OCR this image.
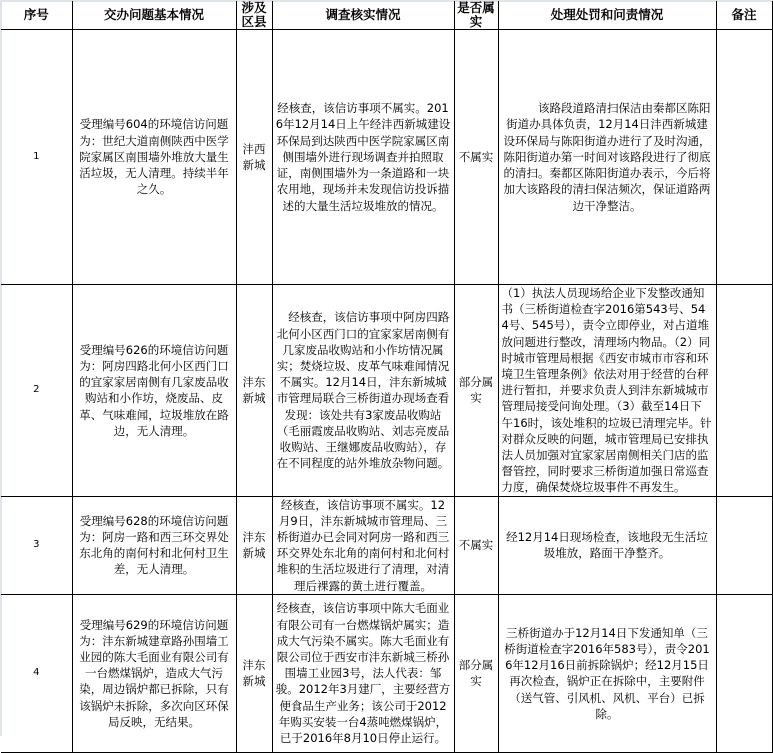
序号	交办问题基本情况	涉及区县	调查核实情况	是否属实	处理处罚和问责情况	备注
1	受理编号604的环境信访问题为：世纪大道南侧陕西中医学院家属区南围墙外堆放大量生活垃圾，无人清理。持续半年之久。	沣西新城	经核查，该信访事项不属实。2016年12月14日上午经沣西新城建设环保局到达陕西中医学院家属区南侧围墙外进行现场调查并拍照取证，南侧围墙外为一条道路和一块农用地，现场并未发现信访投诉描述的大量生活垃圾堆放的情况。	不属实	该路段道路清扫保洁由秦都区陈阳街道办具体负责，12月14日沣西新城建设环保局与陈阳街道办进行了及时沟通，陈阳街道办第一时间对该路段进行了彻底的清扫。秦都区陈阳街道办表示，今后将加大该路段的清扫保洁频次，保证道路两边干净整洁。	
2	受理编号626的环境信访问题为：阿房四路北何小区西门口的宜家家居南侧有几家废品收购站和小作坊，烧废品、皮革、气味难闻，垃圾堆放在路边，无人清理。	沣东新城	经核查，该信访事项中阿房四路北何小区西门口的宜家家居南侧有几家废品收购站和小作坊情况属实；焚烧垃圾、皮革气味难闻情况不属实。12月14日，沣东新城城市管理局联合三桥街道办现场查看发现：该处共有3家废品收购站（毛丽霞废品收购站、刘志亮废品收购站、王继娜废品收购站），存在不同程度的站外堆放杂物问题。	部分属实	（1）执法人员现场给企业下发整改通知书（三桥街道检查字2016第543号、544号、545号），责令立即停业，对占道堆放问题进行整改，清理场内物品。（2）同时城市管理局根据《西安市城市市容和环境卫生管理条例》依法对用于经营的台秤进行暂扣，并要求负责人到沣东新城城市管理局接受问询处理。（3）截至14日下午16时，该处堆积的垃圾已清理完毕。针对群众反映的问题，城市管理局已安排执法人员加强对宜家家居南侧相关门店的监督管控，同时要求三桥街道加强日常巡查力度，确保焚烧垃圾事件不再发生。	
3	受理编号628的环境信访问题为：阿房一路和西三环交界处东北角的南何村和北何村卫生差，无人清理。	沣东新城	经核查，该信访事项不属实。12月9日，沣东新城城市管理局、三桥街道办已会同对阿房一路和西三环交界处东北角的南何村和北何村堆积的生活垃圾进行了清理，对清理后裸露的黄土进行覆盖。	不属实	经12月14日现场检查，该地段无生活垃圾堆放，路面干净整齐。	
4	受理编号629的环境信访问题为：沣东新城建章路孙围墙工业园的陈大毛面业有限公司有一台燃煤锅炉，造成大气污染，周边锅炉都已拆除，只有该锅炉未拆除，多次向区环保局反映，无结果。	沣东新城	经核查，该信访事项中陈大毛面业有限公司有一台燃煤锅炉属实；造成大气污染不属实。陈大毛面业有限公司位于西安市沣东新城三桥孙围墙工业园3号，法人代表：邹骏。2012年3月建厂，主要经营方便食品生产业务；该公司于2012年购买安装一台4蒸吨燃煤锅炉，已于2016年8月10日停止运行。	部分属实	三桥街道办于12月14日下发通知单（三桥街道检查字2016年583号），责令2016年12月16日前拆除锅炉；经12月15日再次检查，锅炉正在拆除中，主要附件（送气管、引风机、风机、平台）已拆除。	
